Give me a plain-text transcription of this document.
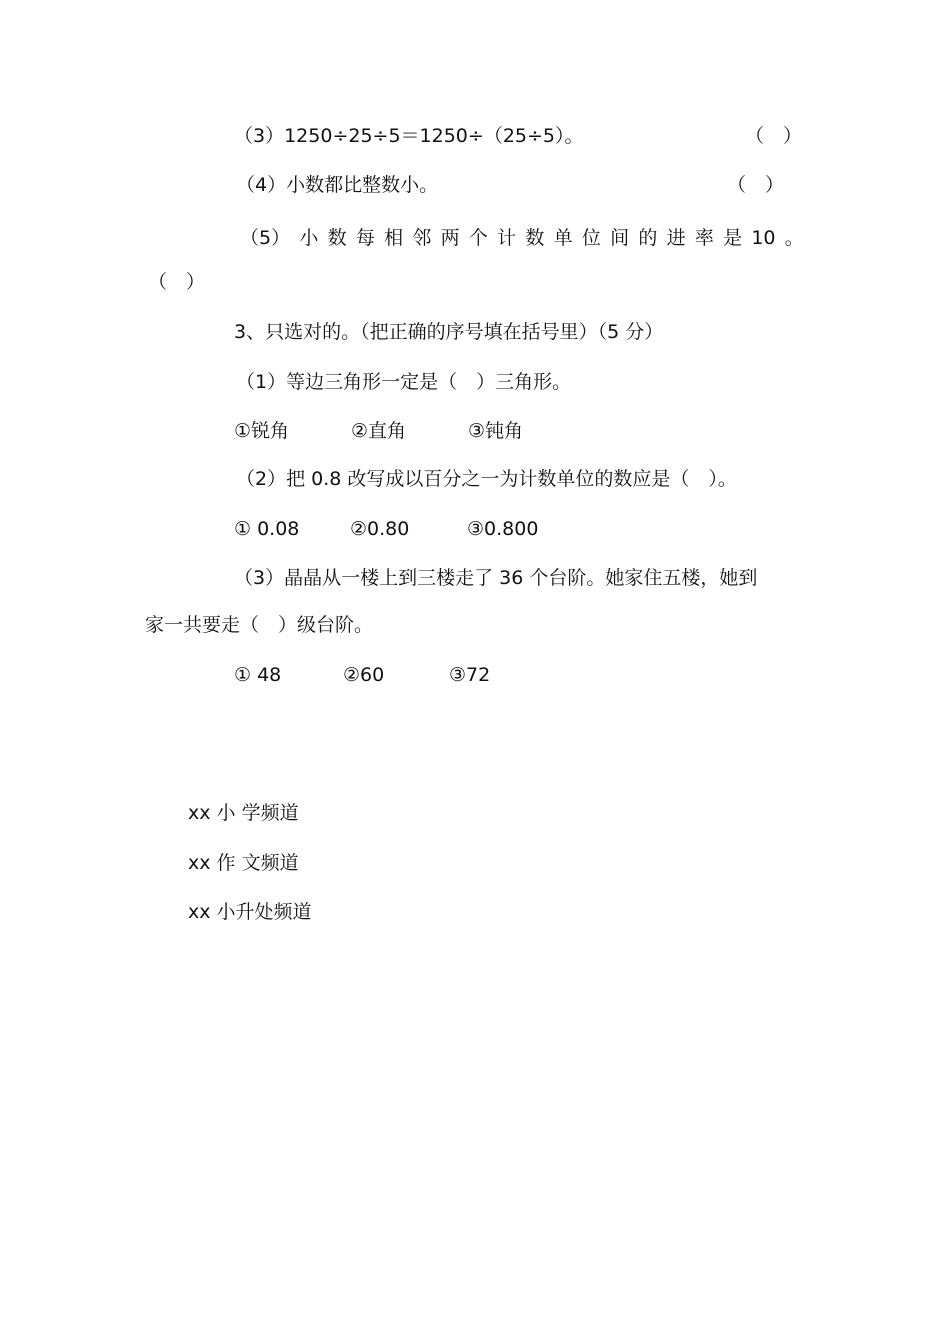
（3）1250÷25÷5＝1250÷（25÷5）。	（　）
（4）小数都比整数小。	（　）
（5） 小 数 每 相 邻 两 个 计 数 单 位 间 的 进 率 是 10 。
（　）
3、只选对的。（把正确的序号填在括号里）（5 分）
（1）等边三角形一定是（　）三角形。
①锐角	②直角	③钝角
（2）把 0.8 改写成以百分之一为计数单位的数应是（　）。
① 0.08	②0.80	③0.800
（3）晶晶从一楼上到三楼走了 36 个台阶。她家住五楼，她到
家一共要走（　）级台阶。
① 48	②60	③72
xx 小 学频道
xx 作 文频道
xx 小升处频道
